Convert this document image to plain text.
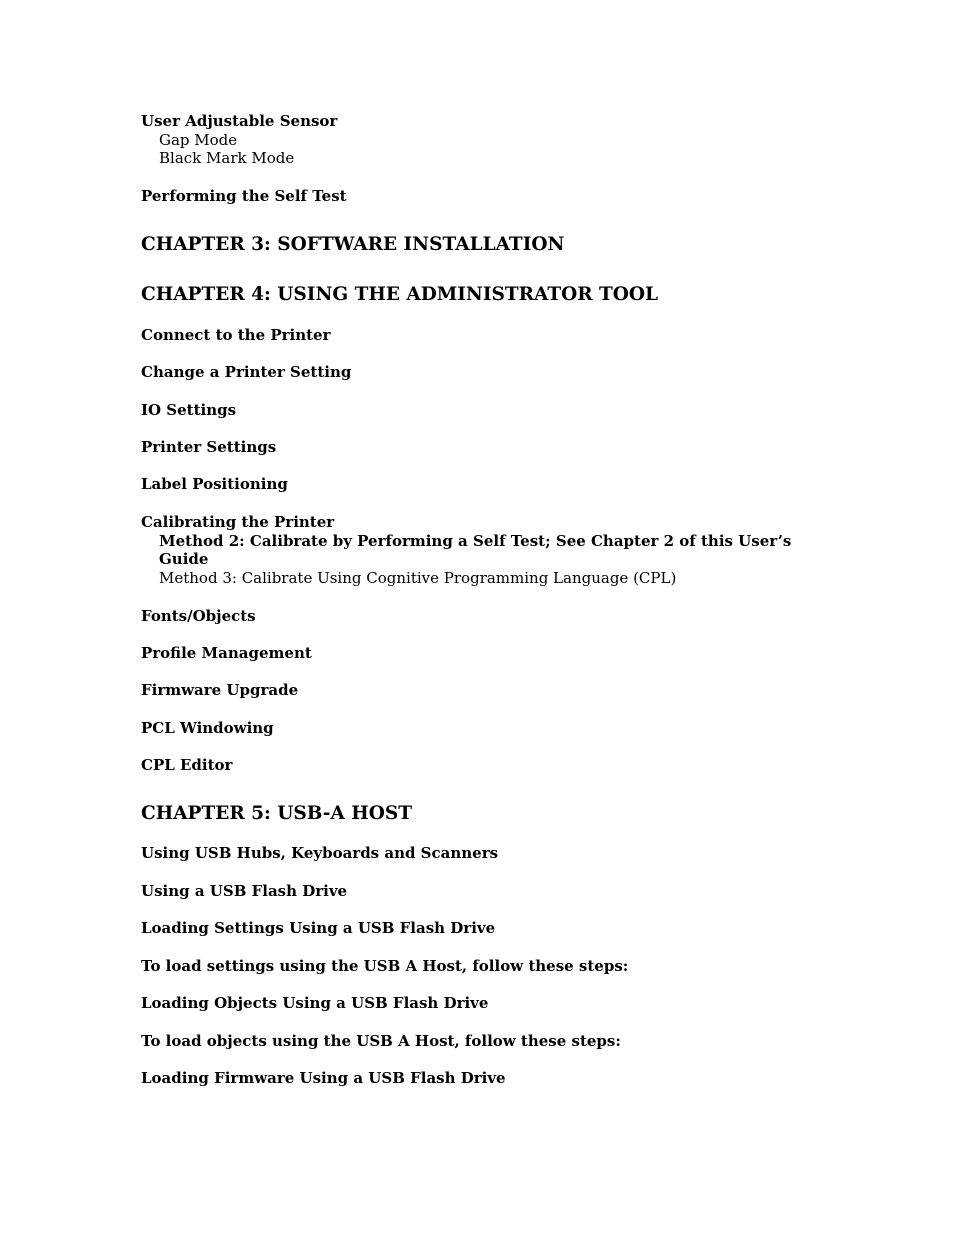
User Adjustable Sensor
Gap Mode
Black Mark Mode
Performing the Self Test
CHAPTER 3: SOFTWARE INSTALLATION
CHAPTER 4: USING THE ADMINISTRATOR TOOL
Connect to the Printer
Change a Printer Setting
IO Settings
Printer Settings
Label Positioning
Calibrating the Printer
Method 2: Calibrate by Performing a Self Test; See Chapter 2 of this User’s
Guide
Method 3: Calibrate Using Cognitive Programming Language (CPL)
Fonts/Objects
Profile Management
Firmware Upgrade
PCL Windowing
CPL Editor
CHAPTER 5: USB-A HOST
Using USB Hubs, Keyboards and Scanners
Using a USB Flash Drive
Loading Settings Using a USB Flash Drive
To load settings using the USB A Host, follow these steps:
Loading Objects Using a USB Flash Drive
To load objects using the USB A Host, follow these steps:
Loading Firmware Using a USB Flash Drive
